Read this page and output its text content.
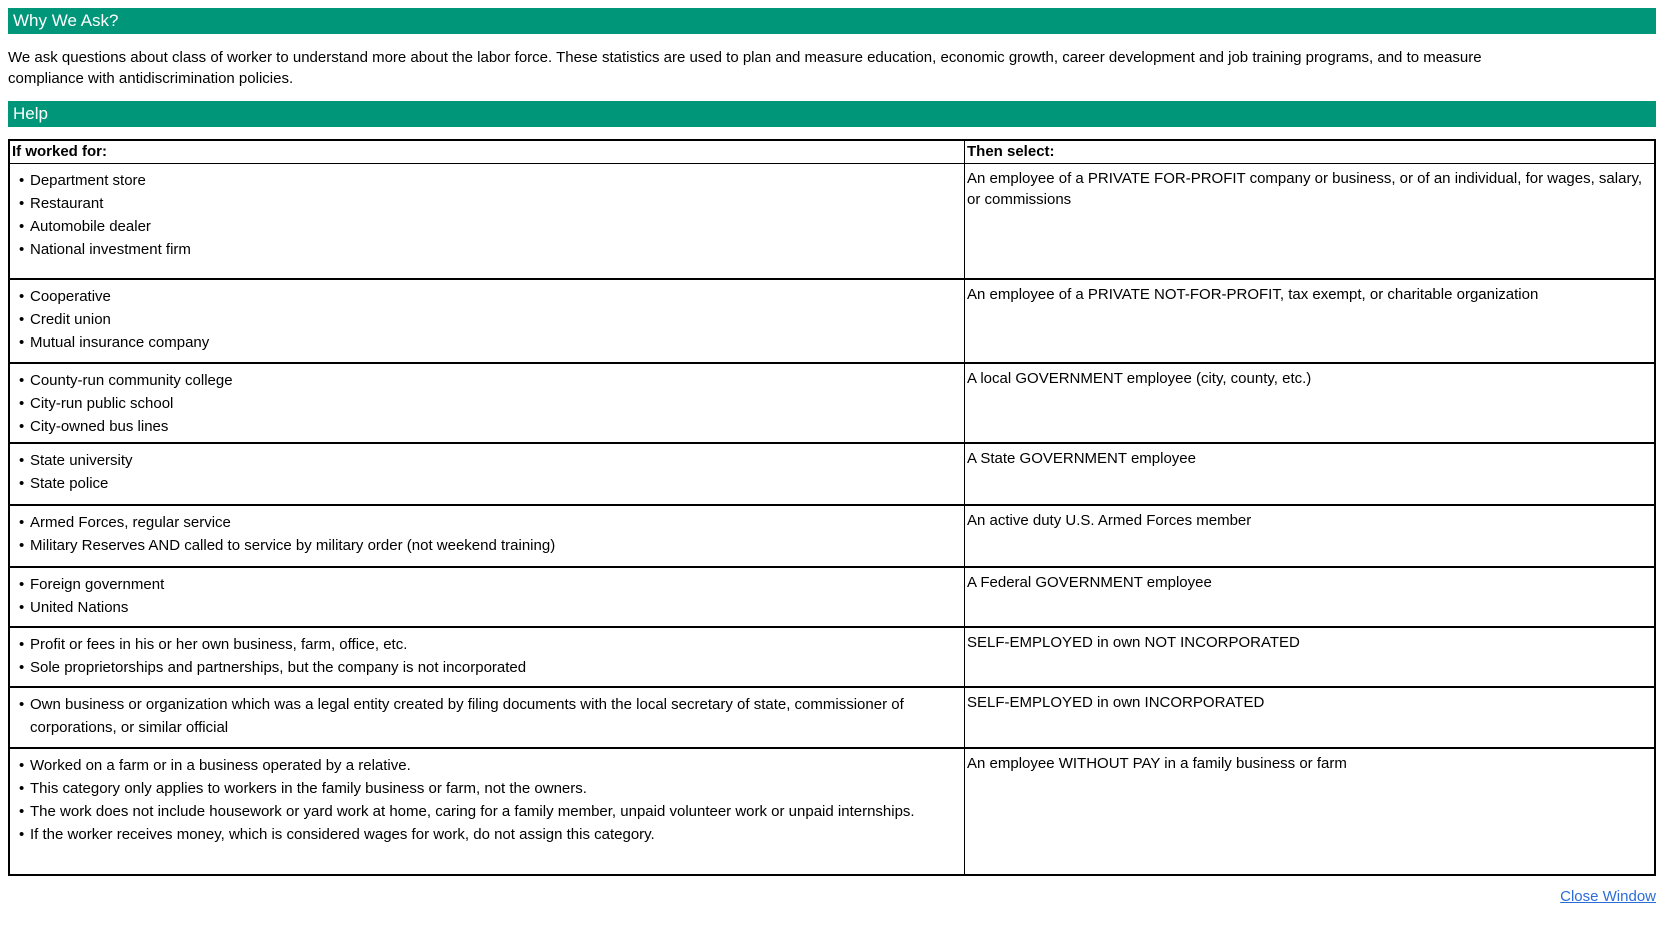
Why We Ask?

We ask questions about class of worker to understand more about the labor force. These statistics are used to plan and measure education, economic growth, career development and job training programs, and to measure compliance with antidiscrimination policies.

Help
If worked for:	Then select:
• Department store
• Restaurant
• Automobile dealer
• National investment firm
An employee of a PRIVATE FOR-PROFIT company or business, or of an individual, for wages, salary, or commissions
• Cooperative
• Credit union
• Mutual insurance company
An employee of a PRIVATE NOT-FOR-PROFIT, tax exempt, or charitable organization
• County-run community college
• City-run public school
• City-owned bus lines
A local GOVERNMENT employee (city, county, etc.)
• State university
• State police
A State GOVERNMENT employee
• Armed Forces, regular service
• Military Reserves AND called to service by military order (not weekend training)
An active duty U.S. Armed Forces member
• Foreign government
• United Nations
A Federal GOVERNMENT employee
• Profit or fees in his or her own business, farm, office, etc.
• Sole proprietorships and partnerships, but the company is not incorporated
SELF-EMPLOYED in own NOT INCORPORATED
• Own business or organization which was a legal entity created by filing documents with the local secretary of state, commissioner of corporations, or similar official
SELF-EMPLOYED in own INCORPORATED
• Worked on a farm or in a business operated by a relative.
• This category only applies to workers in the family business or farm, not the owners.
• The work does not include housework or yard work at home, caring for a family member, unpaid volunteer work or unpaid internships.
• If the worker receives money, which is considered wages for work, do not assign this category.
An employee WITHOUT PAY in a family business or farm
Close Window
